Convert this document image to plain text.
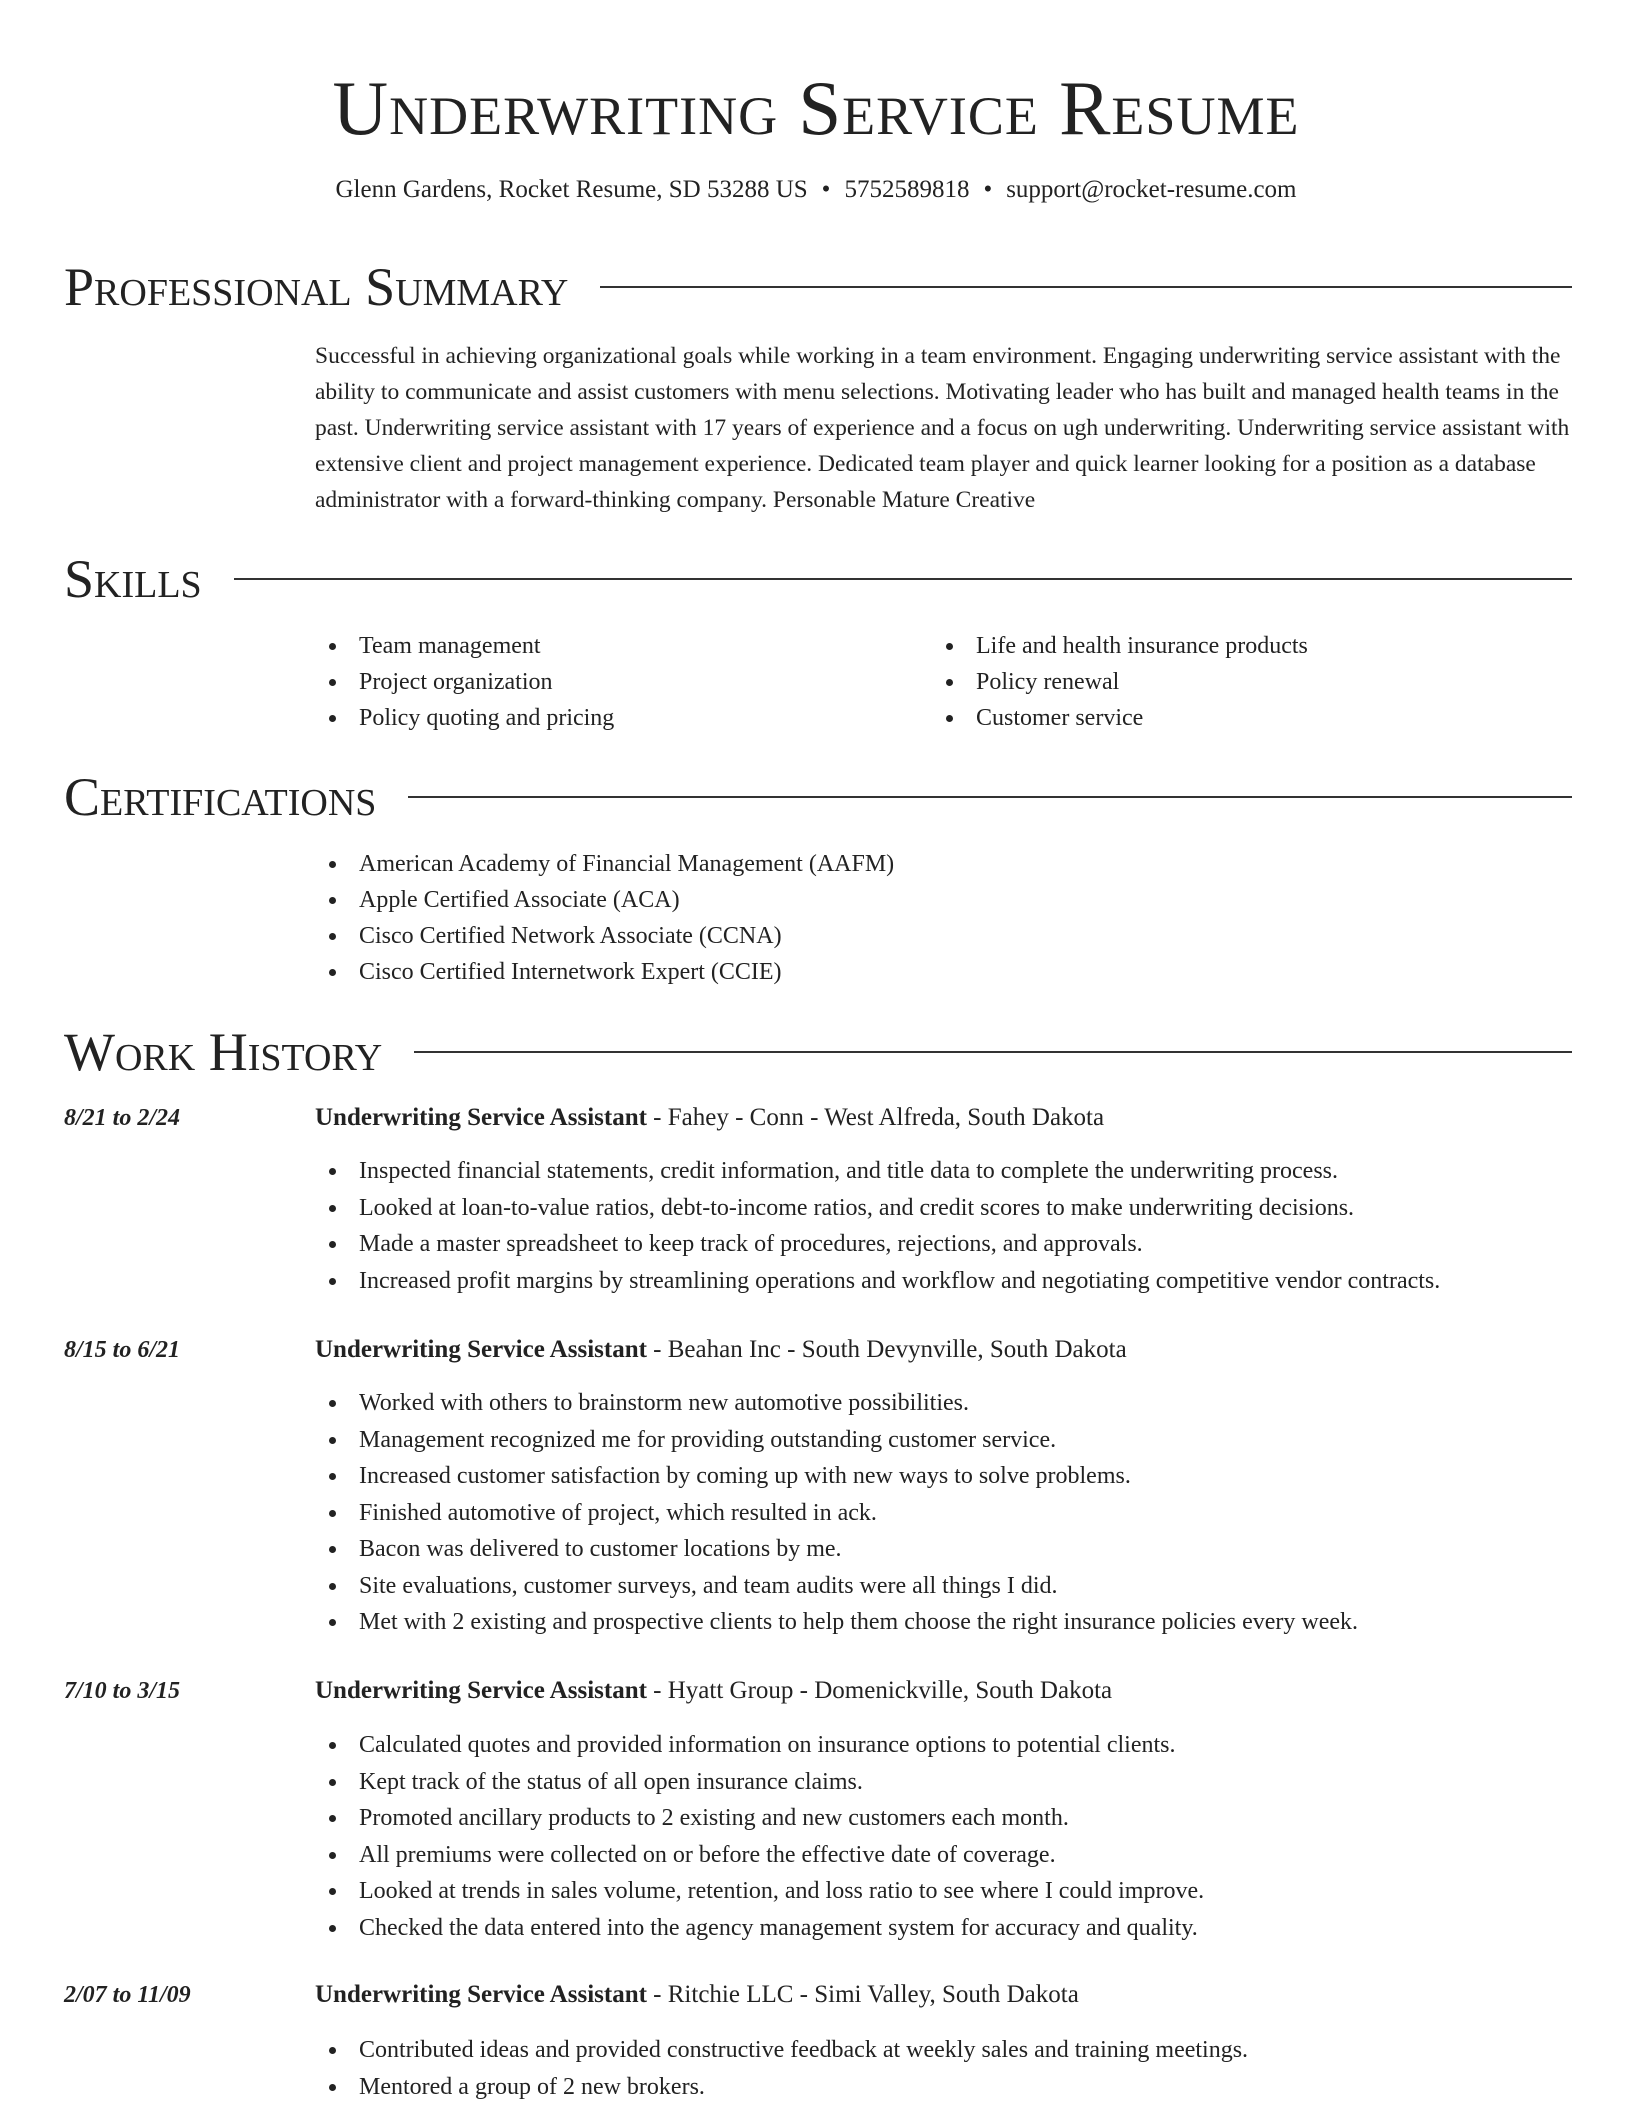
Underwriting Service Resume
Glenn Gardens, Rocket Resume, SD 53288 US • 5752589818 • support@rocket-resume.com
Professional Summary

Successful in achieving organizational goals while working in a team environment. Engaging underwriting service assistant with the ability to communicate and assist customers with menu selections. Motivating leader who has built and managed health teams in the past. Underwriting service assistant with 17 years of experience and a focus on ugh underwriting. Underwriting service assistant with extensive client and project management experience. Dedicated team player and quick learner looking for a position as a database administrator with a forward-thinking company. Personable Mature Creative

Skills
Team management
Project organization
Policy quoting and pricing
Life and health insurance products
Policy renewal
Customer service
Certifications
American Academy of Financial Management (AAFM)
Apple Certified Associate (ACA)
Cisco Certified Network Associate (CCNA)
Cisco Certified Internetwork Expert (CCIE)
Work History
8/21 to 2/24	Underwriting Service Assistant - Fahey - Conn - West Alfreda, South Dakota
Inspected financial statements, credit information, and title data to complete the underwriting process.
Looked at loan-to-value ratios, debt-to-income ratios, and credit scores to make underwriting decisions.
Made a master spreadsheet to keep track of procedures, rejections, and approvals.
Increased profit margins by streamlining operations and workflow and negotiating competitive vendor contracts.
8/15 to 6/21	Underwriting Service Assistant - Beahan Inc - South Devynville, South Dakota
Worked with others to brainstorm new automotive possibilities.
Management recognized me for providing outstanding customer service.
Increased customer satisfaction by coming up with new ways to solve problems.
Finished automotive of project, which resulted in ack.
Bacon was delivered to customer locations by me.
Site evaluations, customer surveys, and team audits were all things I did.
Met with 2 existing and prospective clients to help them choose the right insurance policies every week.
7/10 to 3/15	Underwriting Service Assistant - Hyatt Group - Domenickville, South Dakota
Calculated quotes and provided information on insurance options to potential clients.
Kept track of the status of all open insurance claims.
Promoted ancillary products to 2 existing and new customers each month.
All premiums were collected on or before the effective date of coverage.
Looked at trends in sales volume, retention, and loss ratio to see where I could improve.
Checked the data entered into the agency management system for accuracy and quality.
2/07 to 11/09	Underwriting Service Assistant - Ritchie LLC - Simi Valley, South Dakota
Contributed ideas and provided constructive feedback at weekly sales and training meetings.
Mentored a group of 2 new brokers.
